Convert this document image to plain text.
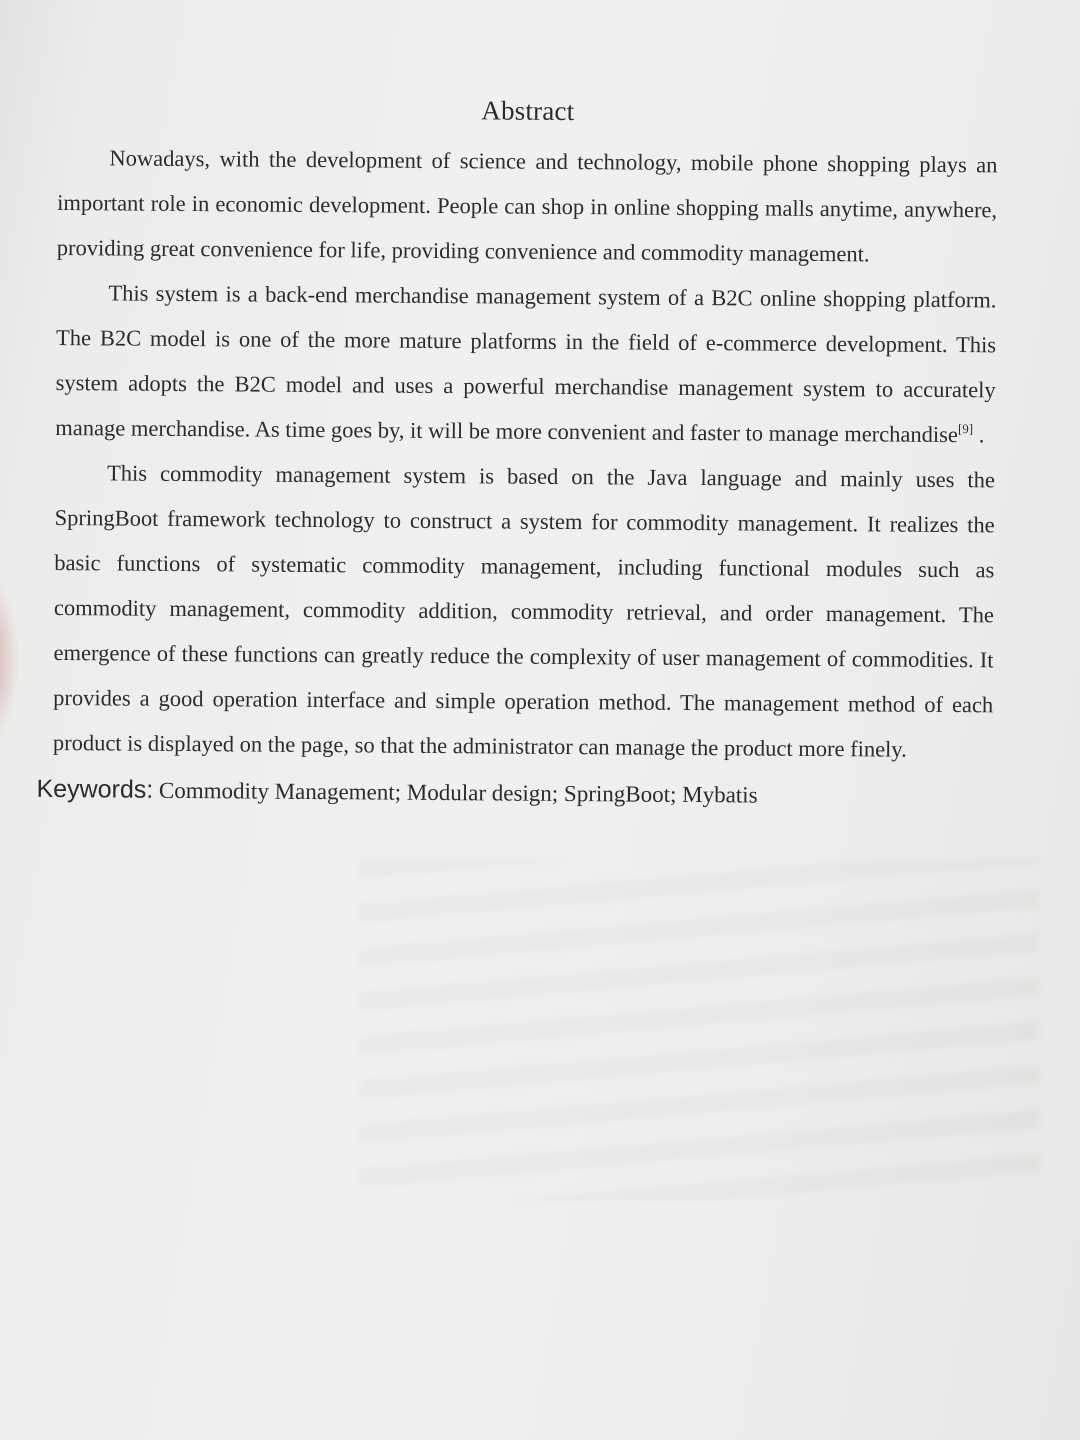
Abstract

Nowadays, with the development of science and technology, mobile phone shopping plays an important role in economic development. People can shop in online shopping malls anytime, anywhere, providing great convenience for life, providing convenience and commodity management.

This system is a back-end merchandise management system of a B2C online shopping platform. The B2C model is one of the more mature platforms in the field of e-commerce development. This system adopts the B2C model and uses a powerful merchandise management system to accurately manage merchandise. As time goes by, it will be more convenient and faster to manage merchandise[9] .

This commodity management system is based on the Java language and mainly uses the SpringBoot framework technology to construct a system for commodity management. It realizes the basic functions of systematic commodity management, including functional modules such as commodity management, commodity addition, commodity retrieval, and order management. The emergence of these functions can greatly reduce the complexity of user management of commodities. It provides a good operation interface and simple operation method. The management method of each product is displayed on the page, so that the administrator can manage the product more finely.

Keywords: Commodity Management; Modular design; SpringBoot; Mybatis
